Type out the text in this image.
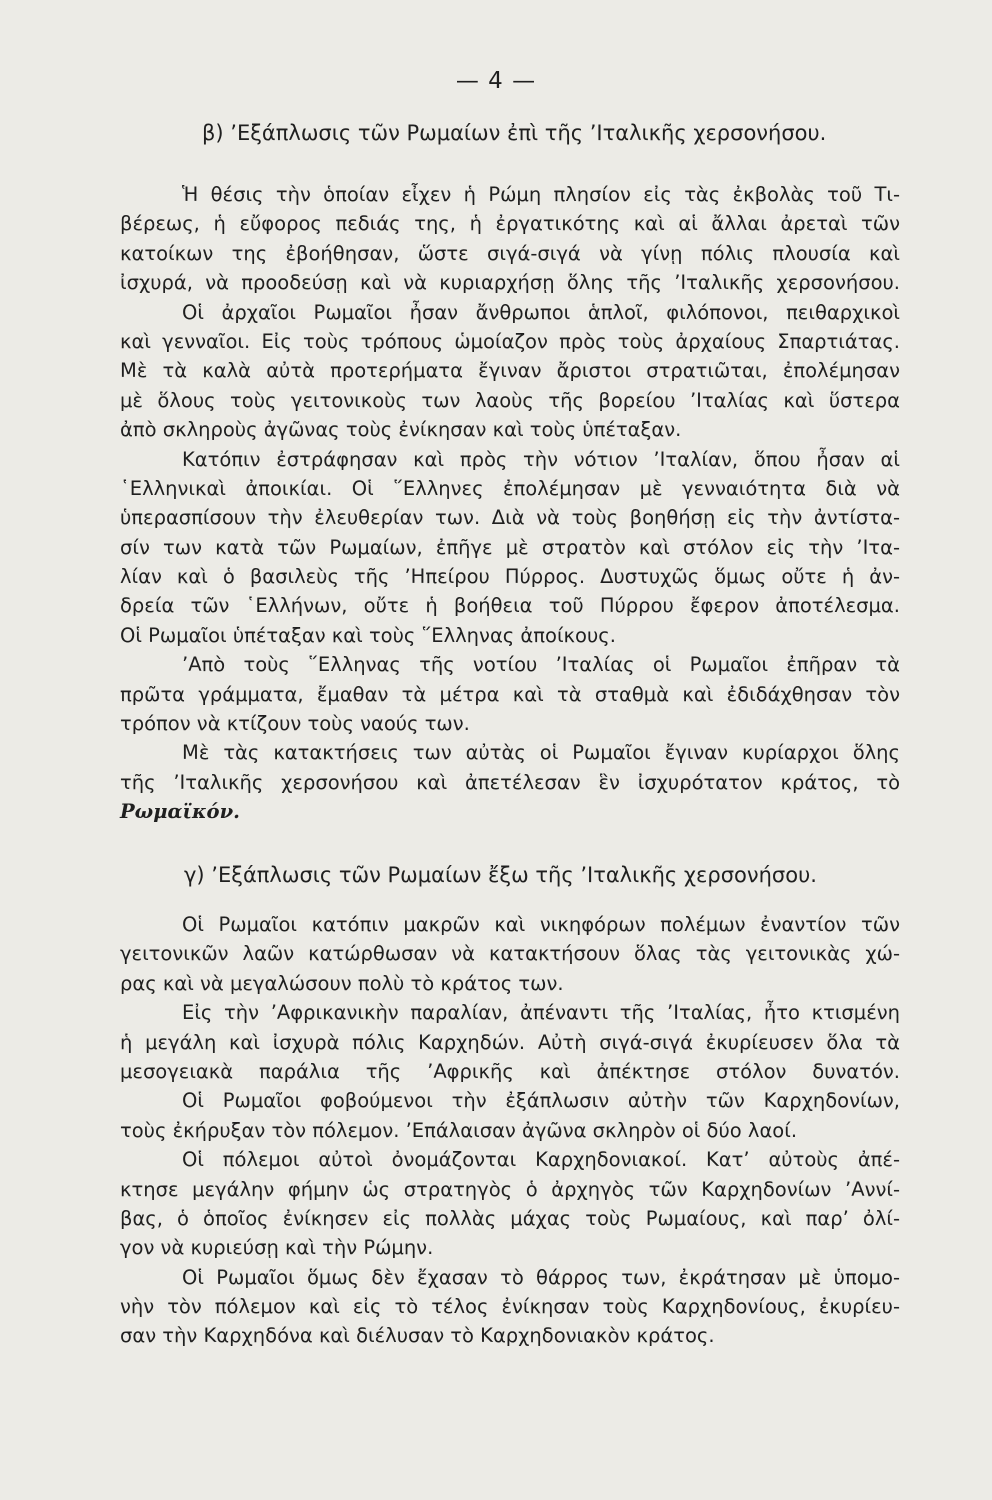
— 4 —
β) ’Εξάπλωσις τῶν Ρωμαίων ἐπὶ τῆς ’Ιταλικῆς χερσονήσου.
Ἡ θέσις τὴν ὁποίαν εἶχεν ἡ Ρώμη πλησίον εἰς τὰς ἐκβολὰς τοῦ Τι-
βέρεως, ἡ εὔφορος πεδιάς της, ἡ ἐργατικότης καὶ αἱ ἄλλαι ἀρεταὶ τῶν
κατοίκων της ἐβοήθησαν, ὥστε σιγά-σιγά νὰ γίνῃ πόλις πλουσία καὶ
ἰσχυρά, νὰ προοδεύσῃ καὶ νὰ κυριαρχήσῃ ὅλης τῆς ’Ιταλικῆς χερσονήσου.
Οἱ ἀρχαῖοι Ρωμαῖοι ἦσαν ἄνθρωποι ἁπλοῖ, φιλόπονοι, πειθαρχικοὶ
καὶ γενναῖοι. Εἰς τοὺς τρόπους ὡμοίαζον πρὸς τοὺς ἀρχαίους Σπαρτιάτας.
Μὲ τὰ καλὰ αὐτὰ προτερήματα ἔγιναν ἄριστοι στρατιῶται, ἐπολέμησαν
μὲ ὅλους τοὺς γειτονικοὺς των λαοὺς τῆς βορείου ’Ιταλίας καὶ ὕστερα
ἀπὸ σκληροὺς ἀγῶνας τοὺς ἐνίκησαν καὶ τοὺς ὑπέταξαν.
Κατόπιν ἐστράφησαν καὶ πρὸς τὴν νότιον ’Ιταλίαν, ὅπου ἦσαν αἱ
῾Ελληνικαὶ ἀποικίαι. Οἱ ῞Ελληνες ἐπολέμησαν μὲ γενναιότητα διὰ νὰ
ὑπερασπίσουν τὴν ἐλευθερίαν των. Διὰ νὰ τοὺς βοηθήσῃ εἰς τὴν ἀντίστα-
σίν των κατὰ τῶν Ρωμαίων, ἐπῆγε μὲ στρατὸν καὶ στόλον εἰς τὴν ’Ιτα-
λίαν καὶ ὁ βασιλεὺς τῆς ’Ηπείρου Πύρρος. Δυστυχῶς ὅμως οὔτε ἡ ἀν-
δρεία τῶν ῾Ελλήνων, οὔτε ἡ βοήθεια τοῦ Πύρρου ἔφερον ἀποτέλεσμα.
Οἱ Ρωμαῖοι ὑπέταξαν καὶ τοὺς ῞Ελληνας ἀποίκους.
’Απὸ τοὺς ῞Ελληνας τῆς νοτίου ’Ιταλίας οἱ Ρωμαῖοι ἐπῆραν τὰ
πρῶτα γράμματα, ἔμαθαν τὰ μέτρα καὶ τὰ σταθμὰ καὶ ἐδιδάχθησαν τὸν
τρόπον νὰ κτίζουν τοὺς ναούς των.
Μὲ τὰς κατακτήσεις των αὐτὰς οἱ Ρωμαῖοι ἔγιναν κυρίαρχοι ὅλης
τῆς ’Ιταλικῆς χερσονήσου καὶ ἀπετέλεσαν ἓν ἰσχυρότατον κράτος, τὸ
Ρωμαϊκόν.
γ) ’Εξάπλωσις τῶν Ρωμαίων ἔξω τῆς ’Ιταλικῆς χερσονήσου.
Οἱ Ρωμαῖοι κατόπιν μακρῶν καὶ νικηφόρων πολέμων ἐναντίον τῶν
γειτονικῶν λαῶν κατώρθωσαν νὰ κατακτήσουν ὅλας τὰς γειτονικὰς χώ-
ρας καὶ νὰ μεγαλώσουν πολὺ τὸ κράτος των.
Εἰς τὴν ’Αφρικανικὴν παραλίαν, ἀπέναντι τῆς ’Ιταλίας, ἦτο κτισμένη
ἡ μεγάλη καὶ ἰσχυρὰ πόλις Καρχηδών. Αὐτὴ σιγά-σιγά ἐκυρίευσεν ὅλα τὰ
μεσογειακὰ παράλια τῆς ’Αφρικῆς καὶ ἀπέκτησε στόλον δυνατόν.
Οἱ Ρωμαῖοι φοβούμενοι τὴν ἐξάπλωσιν αὐτὴν τῶν Καρχηδονίων,
τοὺς ἐκήρυξαν τὸν πόλεμον. ’Επάλαισαν ἀγῶνα σκληρὸν οἱ δύο λαοί.
Οἱ πόλεμοι αὐτοὶ ὀνομάζονται Καρχηδονιακοί. Κατ’ αὐτοὺς ἀπέ-
κτησε μεγάλην φήμην ὡς στρατηγὸς ὁ ἀρχηγὸς τῶν Καρχηδονίων ’Αννί-
βας, ὁ ὁποῖος ἐνίκησεν εἰς πολλὰς μάχας τοὺς Ρωμαίους, καὶ παρ’ ὀλί-
γον νὰ κυριεύσῃ καὶ τὴν Ρώμην.
Οἱ Ρωμαῖοι ὅμως δὲν ἔχασαν τὸ θάρρος των, ἐκράτησαν μὲ ὑπομο-
νὴν τὸν πόλεμον καὶ εἰς τὸ τέλος ἐνίκησαν τοὺς Καρχηδονίους, ἐκυρίευ-
σαν τὴν Καρχηδόνα καὶ διέλυσαν τὸ Καρχηδονιακὸν κράτος.
